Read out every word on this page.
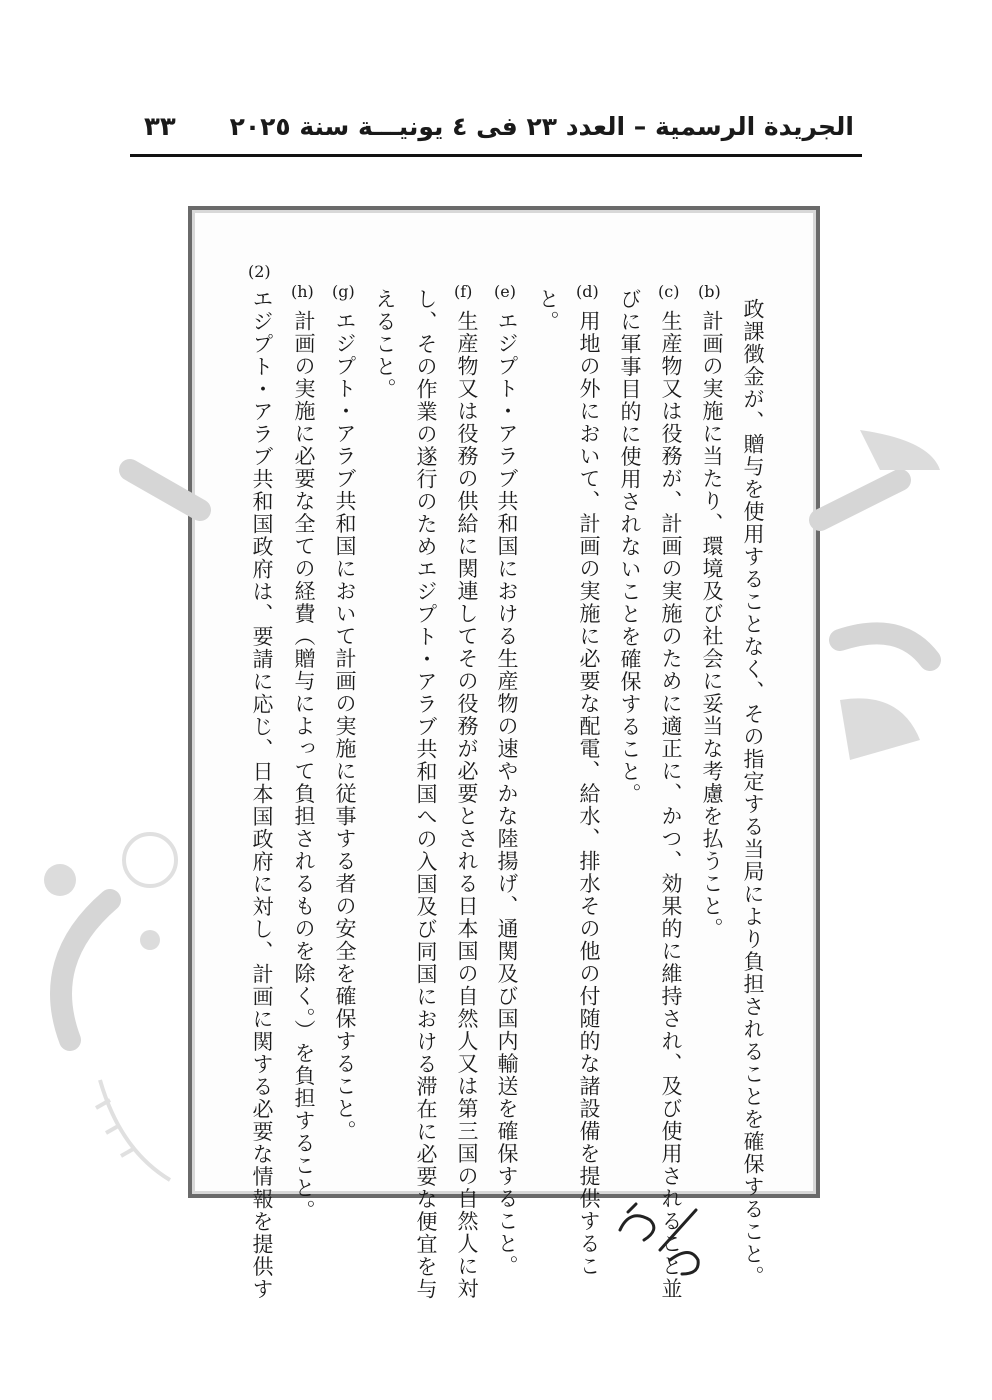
٣٣ الجريدة الرسمية – العدد ٢٣ فى ٤ يونيـــة سنة ٢٠٢٥
(b)
(c)
(d)
(e)
(f)
(g)
(h)
(2)
政課徴金が、贈与を使用することなく、その指定する当局により負担されることを確保すること。
計画の実施に当たり、環境及び社会に妥当な考慮を払うこと。
生産物又は役務が、計画の実施のために適正に、かつ、効果的に維持され、及び使用されること並
びに軍事目的に使用されないことを確保すること。
用地の外において、計画の実施に必要な配電、給水、排水その他の付随的な諸設備を提供するこ
と。
エジプト・アラブ共和国における生産物の速やかな陸揚げ、通関及び国内輸送を確保すること。
生産物又は役務の供給に関連してその役務が必要とされる日本国の自然人又は第三国の自然人に対
し、その作業の遂行のためエジプト・アラブ共和国への入国及び同国における滞在に必要な便宜を与
えること。
エジプト・アラブ共和国において計画の実施に従事する者の安全を確保すること。
計画の実施に必要な全ての経費（贈与によって負担されるものを除く。）を負担すること。
エジプト・アラブ共和国政府は、要請に応じ、日本国政府に対し、計画に関する必要な情報を提供す
